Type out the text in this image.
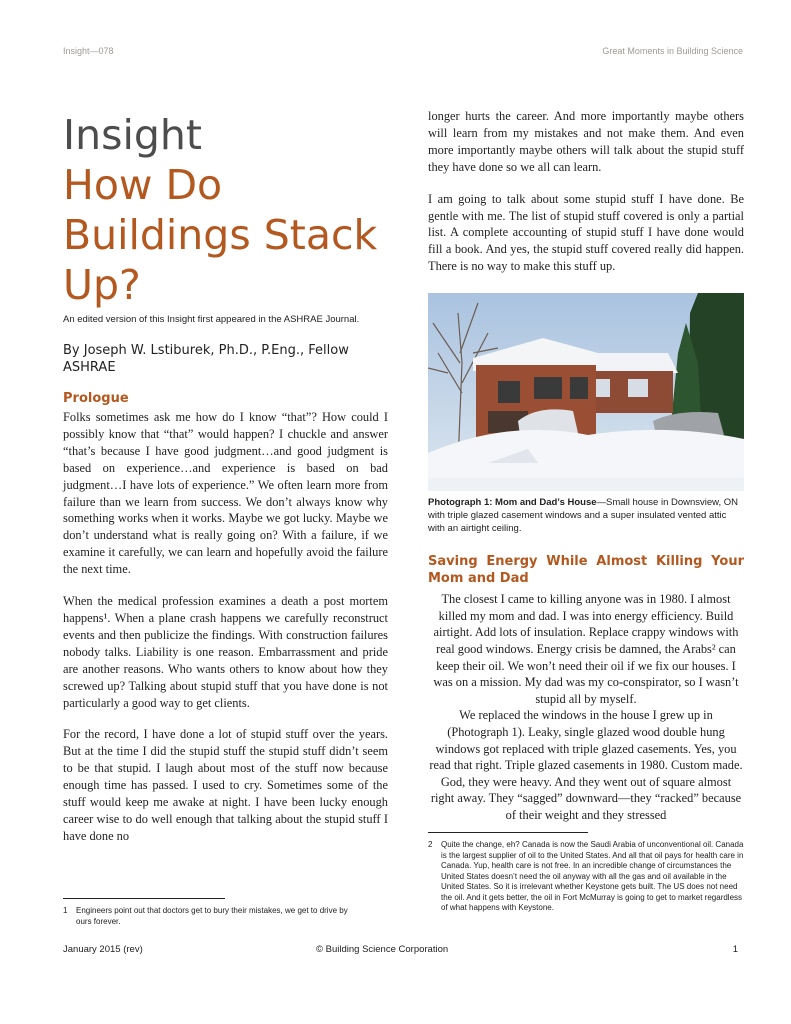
Insight—078	Great Moments in Building Science

Insight

How Do

Buildings Stack

Up?

An edited version of this Insight first appeared in the ASHRAE Journal.

By Joseph W. Lstiburek, Ph.D., P.Eng., Fellow ASHRAE

Prologue

Folks sometimes ask me how do I know “that”? How could I possibly know that “that” would happen? I chuckle and answer “that’s because I have good judgment…and good judgment is based on experience…and experience is based on bad judgment…I have lots of experience.” We often learn more from failure than we learn from success. We don’t always know why something works when it works. Maybe we got lucky. Maybe we don’t understand what is really going on? With a failure, if we examine it carefully, we can learn and hopefully avoid the failure the next time.

When the medical profession examines a death a post mortem happens¹. When a plane crash happens we carefully reconstruct events and then publicize the findings. With construction failures nobody talks. Liability is one reason. Embarrassment and pride are another reasons. Who wants others to know about how they screwed up? Talking about stupid stuff that you have done is not particularly a good way to get clients.

For the record, I have done a lot of stupid stuff over the years. But at the time I did the stupid stuff the stupid stuff didn’t seem to be that stupid. I laugh about most of the stuff now because enough time has passed. I used to cry. Sometimes some of the stuff would keep me awake at night. I have been lucky enough career wise to do well enough that talking about the stupid stuff I have done no

longer hurts the career. And more importantly maybe others will learn from my mistakes and not make them. And even more importantly maybe others will talk about the stupid stuff they have done so we all can learn.

I am going to talk about some stupid stuff I have done. Be gentle with me. The list of stupid stuff covered is only a partial list. A complete accounting of stupid stuff I have done would fill a book. And yes, the stupid stuff covered really did happen. There is no way to make this stuff up.

Photograph 1: Mom and Dad’s House—Small house in Downsview, ON with triple glazed casement windows and a super insulated vented attic with an airtight ceiling.

Saving Energy While Almost Killing Your Mom and Dad

The closest I came to killing anyone was in 1980. I almost killed my mom and dad. I was into energy efficiency. Build airtight. Add lots of insulation. Replace crappy windows with real good windows. Energy crisis be damned, the Arabs² can keep their oil. We won’t need their oil if we fix our houses. I was on a mission. My dad was my co-conspirator, so I wasn’t stupid all by myself.

We replaced the windows in the house I grew up in (Photograph 1). Leaky, single glazed wood double hung windows got replaced with triple glazed casements. Yes, you read that right. Triple glazed casements in 1980. Custom made. God, they were heavy. And they went out of square almost right away. They “sagged” downward—they “racked” because of their weight and they stressed

1	Engineers point out that doctors get to bury their mistakes, we get to drive by ours forever.
2	Quite the change, eh? Canada is now the Saudi Arabia of unconventional oil. Canada is the largest supplier of oil to the United States. And all that oil pays for health care in Canada. Yup, health care is not free. In an incredible change of circumstances the United States doesn’t need the oil anyway with all the gas and oil available in the United States. So it is irrelevant whether Keystone gets built. The US does not need the oil. And it gets better, the oil in Fort McMurray is going to get to market regardless of what happens with Keystone.
January 2015 (rev)	© Building Science Corporation	1
